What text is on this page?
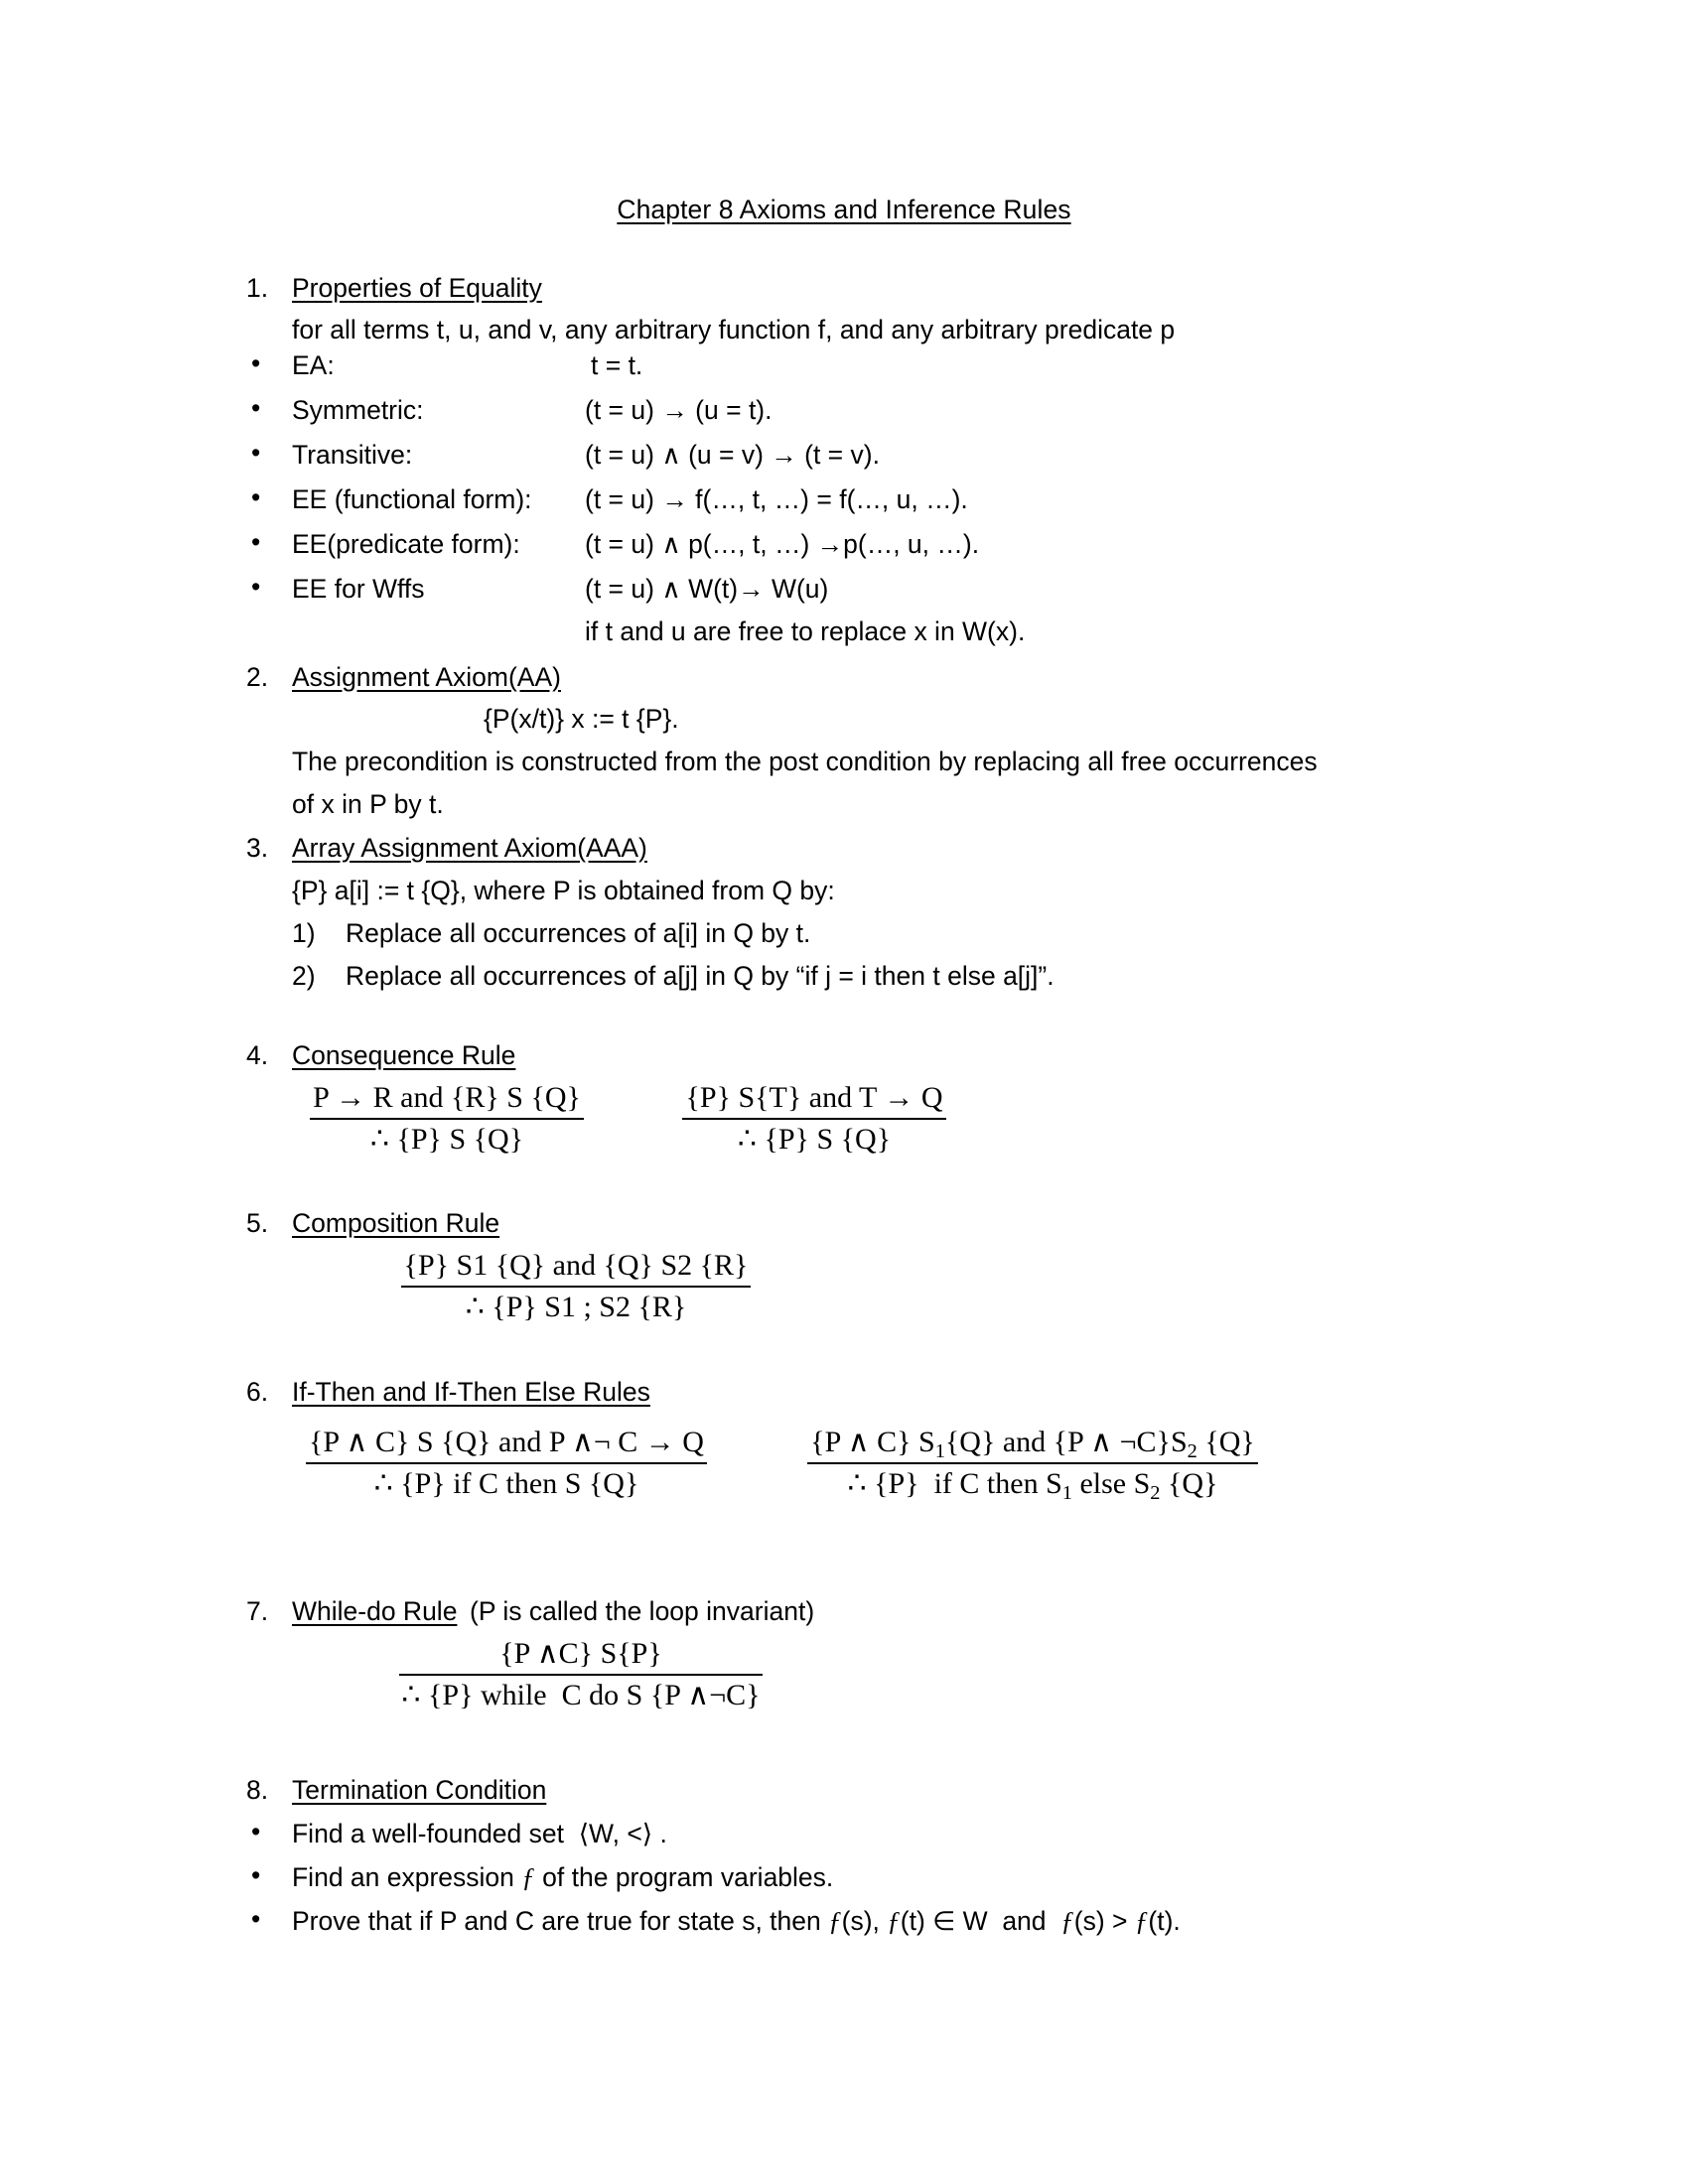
Chapter 8 Axioms and Inference Rules
1. Properties of Equality
for all terms t, u, and v, any arbitrary function f, and any arbitrary predicate p
• EA:	t = t.
• Symmetric:	(t = u) → (u = t).
• Transitive:	(t = u) ∧ (u = v) → (t = v).
• EE (functional form): (t = u) → f(…, t, …) = f(…, u, …).
• EE(predicate form): (t = u) ∧ p(…, t, …) →p(…, u, …).
• EE for Wffs	(t = u) ∧ W(t)→ W(u)
if t and u are free to replace x in W(x).
2. Assignment Axiom(AA)
{P(x/t)} x := t {P}.
The precondition is constructed from the post condition by replacing all free occurrences
of x in P by t.
3. Array Assignment Axiom(AAA)
{P} a[i] := t {Q}, where P is obtained from Q by:
1) Replace all occurrences of a[i] in Q by t.
2) Replace all occurrences of a[j] in Q by “if j = i then t else a[j]”.
4. Consequence Rule
P → R and {R} S {Q}
∴ {P} S {Q}
{P} S{T} and T → Q
∴ {P} S {Q}
5. Composition Rule
{P} S1 {Q} and {Q} S2 {R}
∴ {P} S1 ; S2 {R}
6. If-Then and If-Then Else Rules
{P ∧ C} S {Q} and P ∧¬ C → Q
∴ {P} if C then S {Q}
{P ∧ C} $S_1\{Q\}$ and {P ∧ $\neg C\}S_2$ {Q}
∴ {P}  if C then $S_1$ else $S_2$ {Q}
7. While-do Rule (P is called the loop invariant)
{P ∧C} S{P}
∴ {P} while  C do S {P ∧¬C}
8. Termination Condition
• Find a well-founded set  ⟨W, <⟩ .
• Find an expression ƒ of the program variables.
• Prove that if P and C are true for state s, then ƒ(s), ƒ(t) ∈ W  and  ƒ(s) > ƒ(t).
